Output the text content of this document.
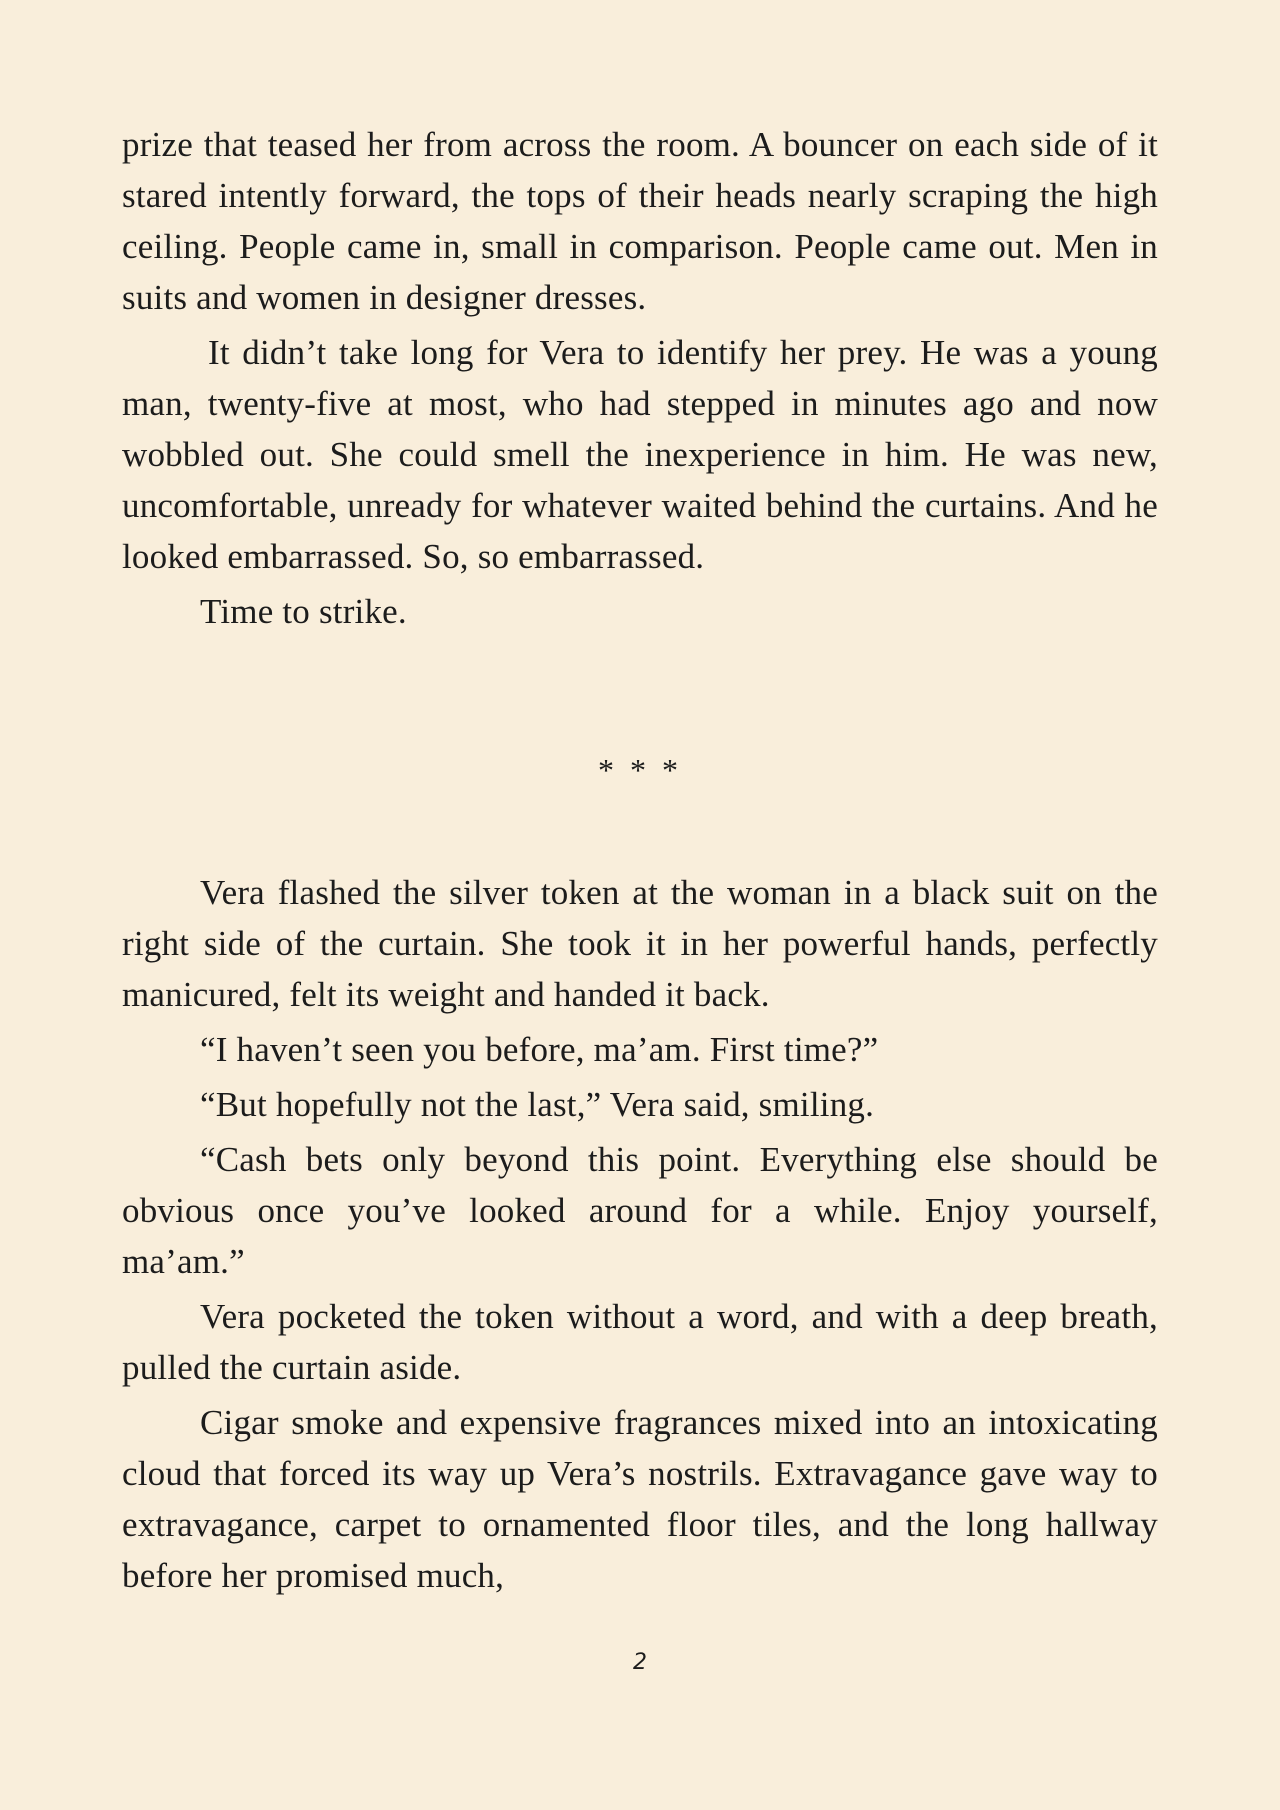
prize that teased her from across the room. A bouncer on each side of it stared intently forward, the tops of their heads nearly scraping the high ceiling. People came in, small in comparison. People came out. Men in suits and women in designer dresses.

It didn’t take long for Vera to identify her prey. He was a young man, twenty-five at most, who had stepped in minutes ago and now wobbled out. She could smell the inexperience in him. He was new, uncomfortable, unready for whatever waited behind the curtains. And he looked embarrassed. So, so embarrassed.

Time to strike.

* * *

Vera flashed the silver token at the woman in a black suit on the right side of the curtain. She took it in her powerful hands, perfectly manicured, felt its weight and handed it back.

“I haven’t seen you before, ma’am. First time?”

“But hopefully not the last,” Vera said, smiling.

“Cash bets only beyond this point. Everything else should be obvious once you’ve looked around for a while. Enjoy yourself, ma’am.”

Vera pocketed the token without a word, and with a deep breath, pulled the curtain aside.

Cigar smoke and expensive fragrances mixed into an intoxicating cloud that forced its way up Vera’s nostrils. Extravagance gave way to extravagance, carpet to ornamented floor tiles, and the long hallway before her promised much,

2
